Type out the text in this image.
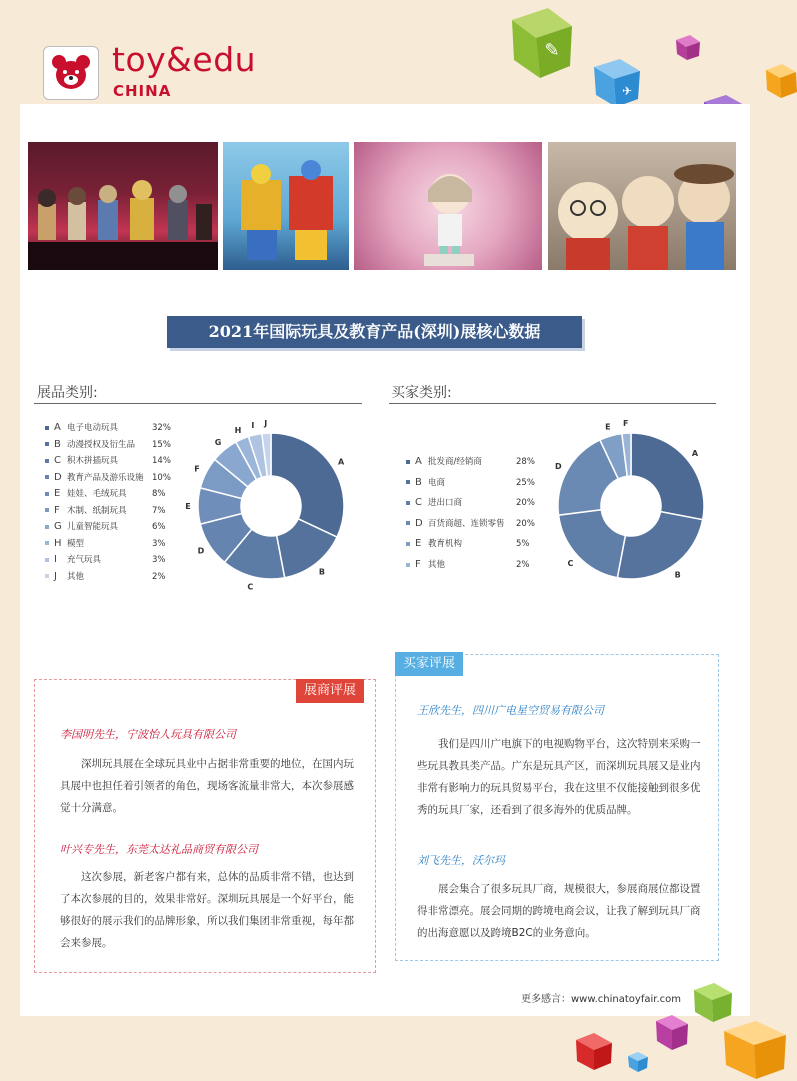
toy&edu
CHINA
✎
✈
2021年国际玩具及教育产品(深圳)展核心数据
展品类别:
A 电子电动玩具	32%
B 动漫授权及衍生品 15%
C 积木拼插玩具	14%
D 教育产品及游乐设施 10%
E 娃娃、毛绒玩具	8%
F 木制、纸制玩具	7%
G 儿童智能玩具	6%
H 模型	3%
I 充气玩具	3%
J 其他	2%
A
B
C
D
E
F
G
H
I J
买家类别:
A 批发商/经销商	28%
B 电商	25%
C 进出口商	20%
D 百货商超、连锁零售 20%
E 教育机构	5%
F 其他	2%
A
B
C
D
E F
展商评展
李国明先生，宁波怡人玩具有限公司
深圳玩具展在全球玩具业中占据非常重要的地位，在国内玩具展中也担任着引领者的角色，现场客流量非常大，本次参展感觉十分满意。
叶兴专先生，东莞太达礼品商贸有限公司
这次参展，新老客户都有来，总体的品质非常不错，也达到了本次参展的目的，效果非常好。深圳玩具展是一个好平台，能够很好的展示我们的品牌形象，所以我们集团非常重视，每年都会来参展。
买家评展
王欣先生，四川广电星空贸易有限公司
我们是四川广电旗下的电视购物平台，这次特别来采购一些玩具教具类产品。广东是玩具产区，而深圳玩具展又是业内非常有影响力的玩具贸易平台，我在这里不仅能接触到很多优秀的玩具厂家，还看到了很多海外的优质品牌。
刘飞先生，沃尔玛
展会集合了很多玩具厂商，规模很大，参展商展位都设置得非常漂亮。展会同期的跨境电商会议，让我了解到玩具厂商的出海意愿以及跨境B2C的业务意向。
更多感言：www.chinatoyfair.com
